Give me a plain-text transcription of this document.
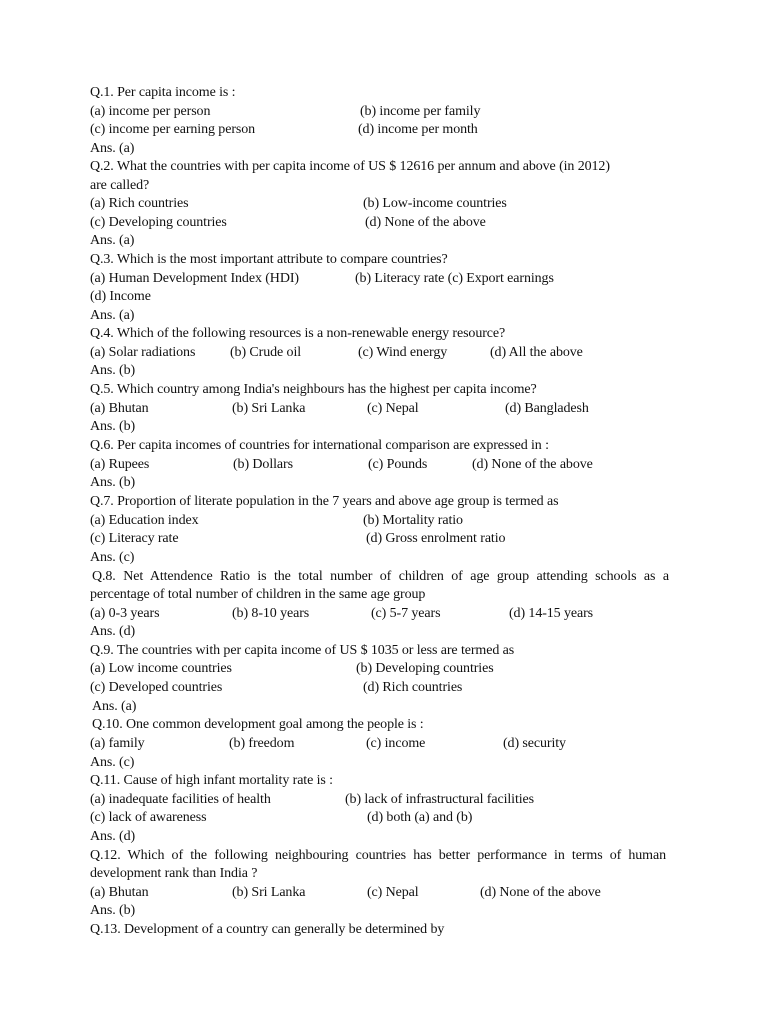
Q.1. Per capita income is :
(a) income per person	(b) income per family
(c) income per earning person	(d) income per month
Ans. (a)
Q.2. What the countries with per capita income of US $ 12616 per annum and above (in 2012)
are called?
(a) Rich countries	(b) Low-income countries
(c) Developing countries	(d) None of the above
Ans. (a)
Q.3. Which is the most important attribute to compare countries?
(a) Human Development Index (HDI)	(b) Literacy rate (c) Export earnings
(d) Income
Ans. (a)
Q.4. Which of the following resources is a non-renewable energy resource?
(a) Solar radiations (b) Crude oil	(c) Wind energy	(d) All the above
Ans. (b)
Q.5. Which country among India's neighbours has the highest per capita income?
(a) Bhutan	(b) Sri Lanka	(c) Nepal	(d) Bangladesh
Ans. (b)
Q.6. Per capita incomes of countries for international comparison are expressed in :
(a) Rupees	(b) Dollars	(c) Pounds	(d) None of the above
Ans. (b)
Q.7. Proportion of literate population in the 7 years and above age group is termed as
(a) Education index	(b) Mortality ratio
(c) Literacy rate	(d) Gross enrolment ratio
Ans. (c)
Q.8. Net Attendence Ratio is the total number of children of age group attending schools as a
percentage of total number of children in the same age group
(a) 0-3 years	(b) 8-10 years	(c) 5-7 years	(d) 14-15 years
Ans. (d)
Q.9. The countries with per capita income of US $ 1035 or less are termed as
(a) Low income countries	(b) Developing countries
(c) Developed countries	(d) Rich countries
Ans. (a)
Q.10. One common development goal among the people is :
(a) family	(b) freedom	(c) income	(d) security
Ans. (c)
Q.11. Cause of high infant mortality rate is :
(a) inadequate facilities of health	(b) lack of infrastructural facilities
(c) lack of awareness	(d) both (a) and (b)
Ans. (d)
Q.12. Which of the following neighbouring countries has better performance in terms of human
development rank than India ?
(a) Bhutan	(b) Sri Lanka	(c) Nepal	(d) None of the above
Ans. (b)
Q.13. Development of a country can generally be determined by
